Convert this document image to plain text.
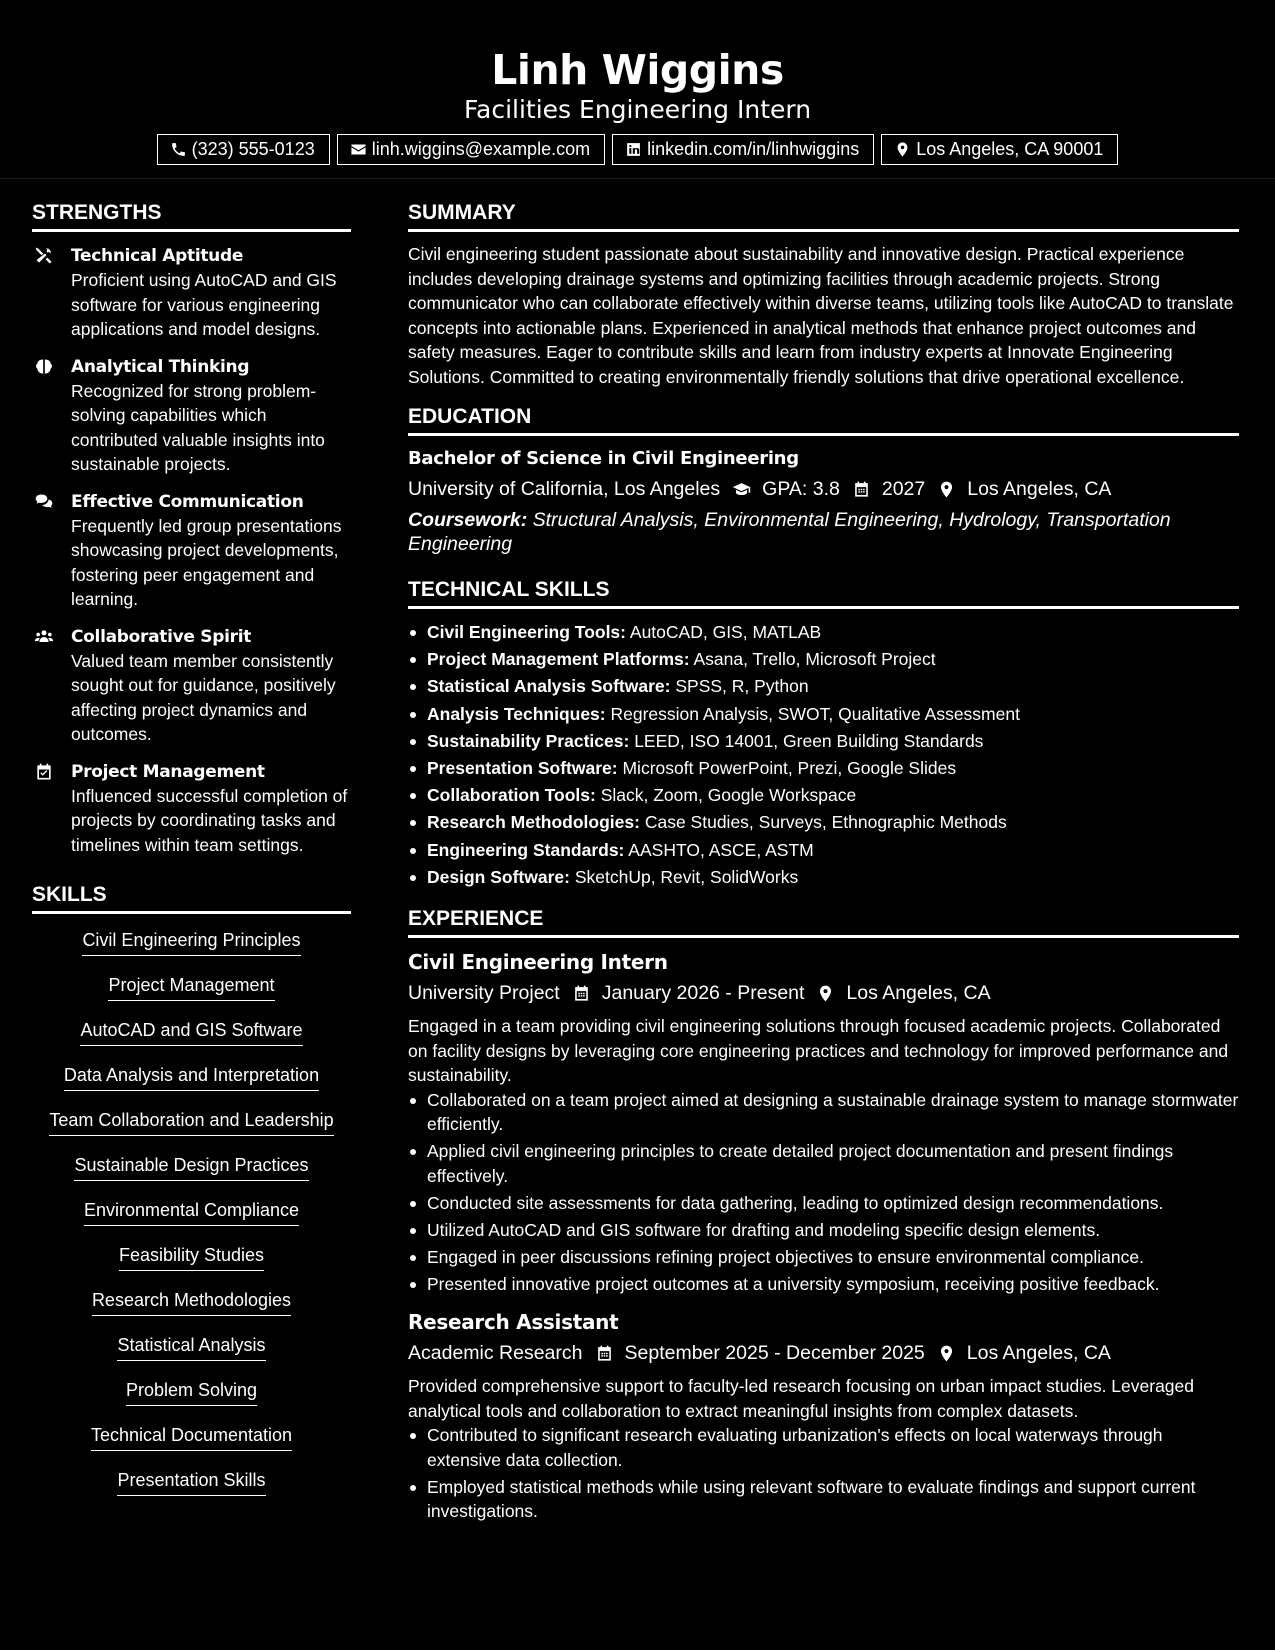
Linh Wiggins
Facilities Engineering Intern
(323) 555-0123	linh.wiggins@example.com	linkedin.com/in/linhwiggins	Los Angeles, CA 90001
STRENGTHS
Technical Aptitude
Proficient using AutoCAD and GIS software for various engineering applications and model designs.
Analytical Thinking
Recognized for strong problem-solving capabilities which contributed valuable insights into sustainable projects.
Effective Communication
Frequently led group presentations showcasing project developments, fostering peer engagement and learning.
Collaborative Spirit
Valued team member consistently sought out for guidance, positively affecting project dynamics and outcomes.
Project Management
Influenced successful completion of projects by coordinating tasks and timelines within team settings.
SKILLS
Civil Engineering Principles
Project Management
AutoCAD and GIS Software
Data Analysis and Interpretation
Team Collaboration and Leadership
Sustainable Design Practices
Environmental Compliance
Feasibility Studies
Research Methodologies
Statistical Analysis
Problem Solving
Technical Documentation
Presentation Skills
SUMMARY
Civil engineering student passionate about sustainability and innovative design. Practical experience includes developing drainage systems and optimizing facilities through academic projects. Strong communicator who can collaborate effectively within diverse teams, utilizing tools like AutoCAD to translate concepts into actionable plans. Experienced in analytical methods that enhance project outcomes and safety measures. Eager to contribute skills and learn from industry experts at Innovate Engineering Solutions. Committed to creating environmentally friendly solutions that drive operational excellence.
EDUCATION
Bachelor of Science in Civil Engineering
University of California, Los Angeles GPA: 3.8 2027 Los Angeles, CA
Coursework: Structural Analysis, Environmental Engineering, Hydrology, Transportation Engineering
TECHNICAL SKILLS
Civil Engineering Tools: AutoCAD, GIS, MATLAB
Project Management Platforms: Asana, Trello, Microsoft Project
Statistical Analysis Software: SPSS, R, Python
Analysis Techniques: Regression Analysis, SWOT, Qualitative Assessment
Sustainability Practices: LEED, ISO 14001, Green Building Standards
Presentation Software: Microsoft PowerPoint, Prezi, Google Slides
Collaboration Tools: Slack, Zoom, Google Workspace
Research Methodologies: Case Studies, Surveys, Ethnographic Methods
Engineering Standards: AASHTO, ASCE, ASTM
Design Software: SketchUp, Revit, SolidWorks
EXPERIENCE
Civil Engineering Intern
University Project January 2026 - Present Los Angeles, CA
Engaged in a team providing civil engineering solutions through focused academic projects. Collaborated on facility designs by leveraging core engineering practices and technology for improved performance and sustainability.
Collaborated on a team project aimed at designing a sustainable drainage system to manage stormwater efficiently.
Applied civil engineering principles to create detailed project documentation and present findings effectively.
Conducted site assessments for data gathering, leading to optimized design recommendations.
Utilized AutoCAD and GIS software for drafting and modeling specific design elements.
Engaged in peer discussions refining project objectives to ensure environmental compliance.
Presented innovative project outcomes at a university symposium, receiving positive feedback.
Research Assistant
Academic Research September 2025 - December 2025 Los Angeles, CA
Provided comprehensive support to faculty-led research focusing on urban impact studies. Leveraged analytical tools and collaboration to extract meaningful insights from complex datasets.
Contributed to significant research evaluating urbanization's effects on local waterways through extensive data collection.
Employed statistical methods while using relevant software to evaluate findings and support current investigations.
